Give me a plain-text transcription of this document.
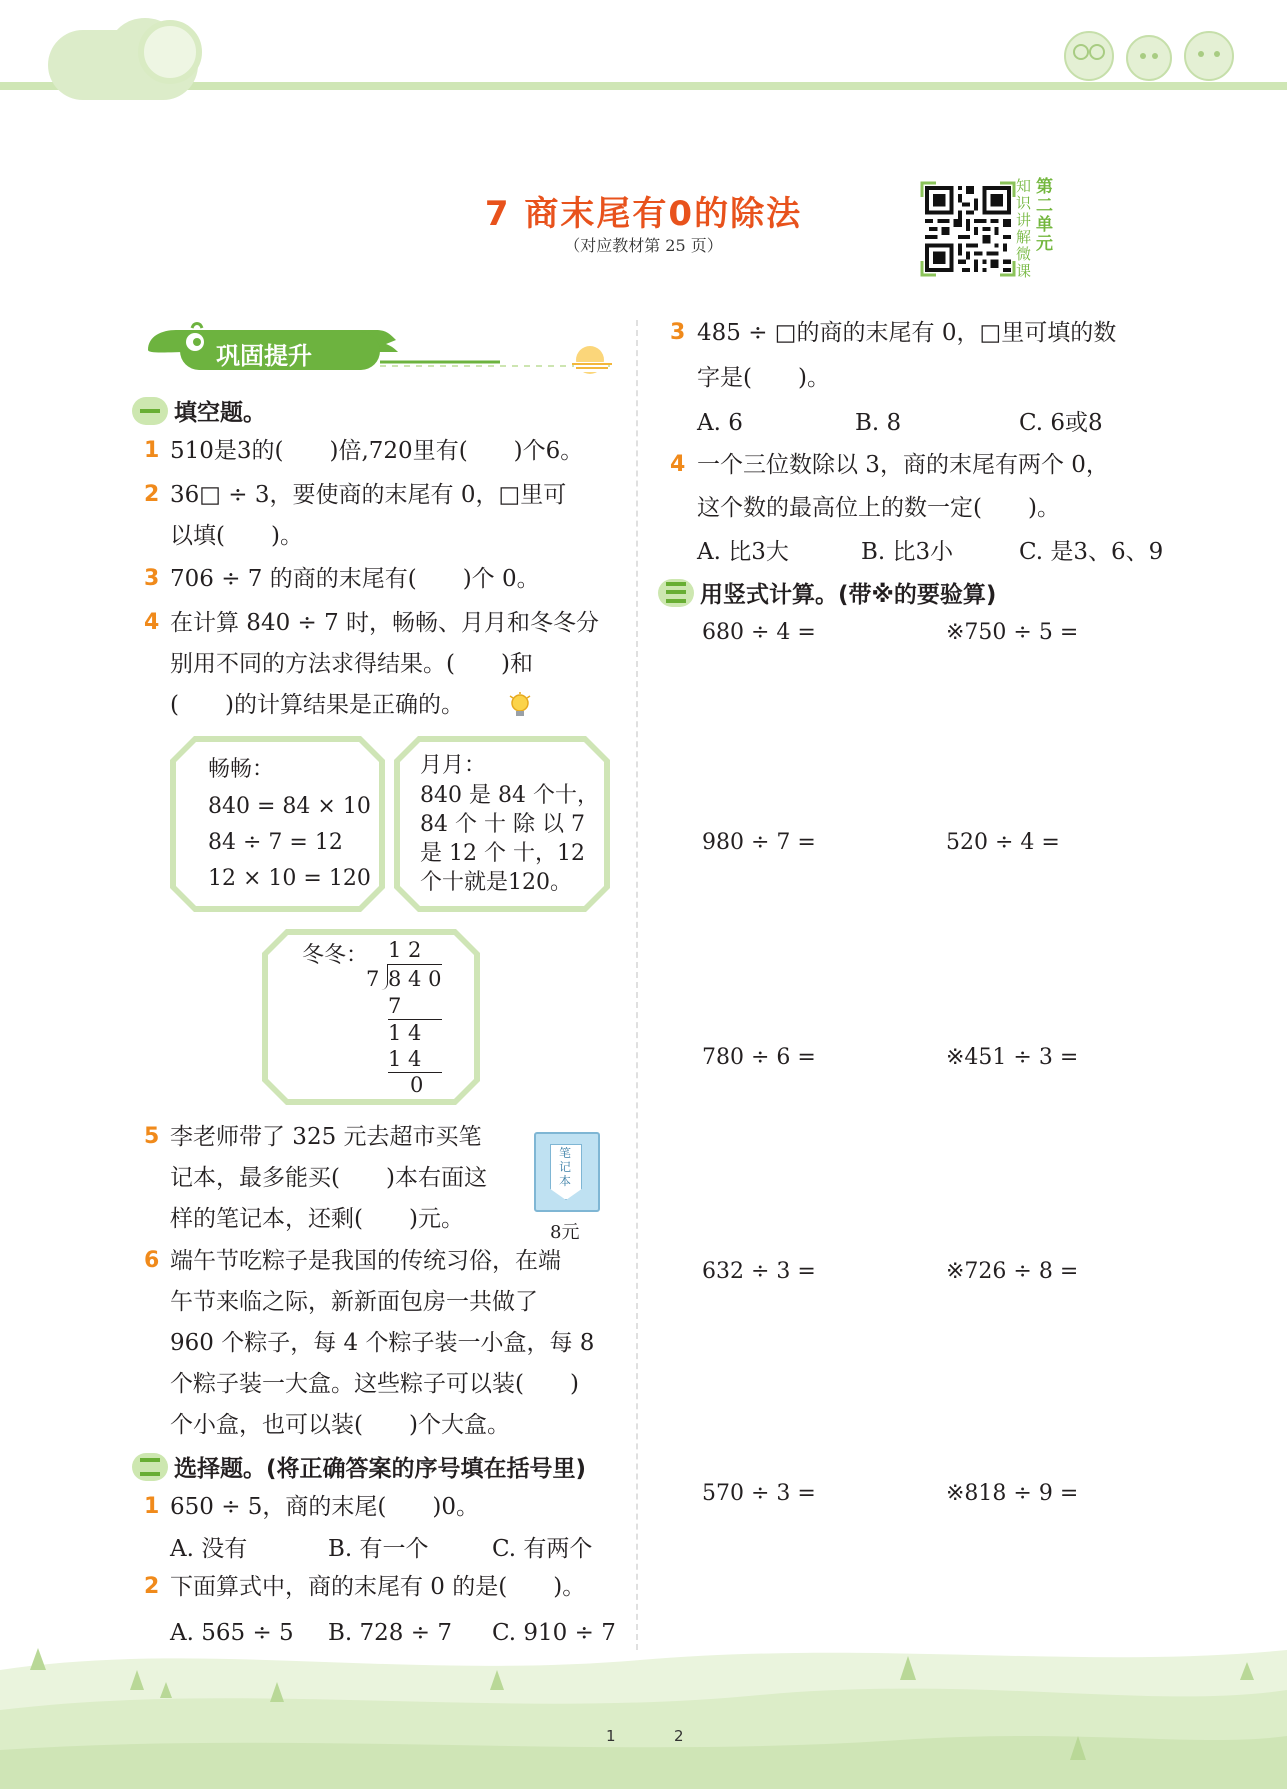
7 商末尾有0的除法
（对应教材第 25 页）
知识讲解微课
第二单元
巩固提升
填空题。
1 510是3的(　　)倍,720里有(　　)个6。
2 36□ ÷ 3，要使商的末尾有 0，□里可
以填(　　)。
3 706 ÷ 7 的商的末尾有(　　)个 0。
4 在计算 840 ÷ 7 时，畅畅、月月和冬冬分
别用不同的方法求得结果。(　　)和
(　　)的计算结果是正确的。
畅畅：
840 = 84 × 10
84 ÷ 7 = 12
12 × 10 = 120
月月：
840 是 84 个十，
84 个 十 除 以 7
是 12 个 十，12
个十就是120。
冬冬： 1 2
7 8 4 0
7
1 4
1 4
0
5 李老师带了 325 元去超市买笔
记本，最多能买(　　)本右面这
样的笔记本，还剩(　　)元。
笔记本
8元
6 端午节吃粽子是我国的传统习俗，在端
午节来临之际，新新面包房一共做了
960 个粽子，每 4 个粽子装一小盒，每 8
个粽子装一大盒。这些粽子可以装(　　)
个小盒，也可以装(　　)个大盒。
选择题。(将正确答案的序号填在括号里)
1 650 ÷ 5，商的末尾(　　)0。
A. 没有	B. 有一个	C. 有两个
2 下面算式中，商的末尾有 0 的是(　　)。
A. 565 ÷ 5 B. 728 ÷ 7 C. 910 ÷ 7
3 485 ÷ □的商的末尾有 0，□里可填的数
字是(　　)。
A. 6	B. 8	C. 6或8
4 一个三位数除以 3，商的末尾有两个 0，
这个数的最高位上的数一定(　　)。
A. 比3大	B. 比3小	C. 是3、6、9
用竖式计算。(带※的要验算)
680 ÷ 4 =	※750 ÷ 5 =
980 ÷ 7 =	520 ÷ 4 =
780 ÷ 6 =	※451 ÷ 3 =
632 ÷ 3 =	※726 ÷ 8 =
570 ÷ 3 =	※818 ÷ 9 =
1	2
